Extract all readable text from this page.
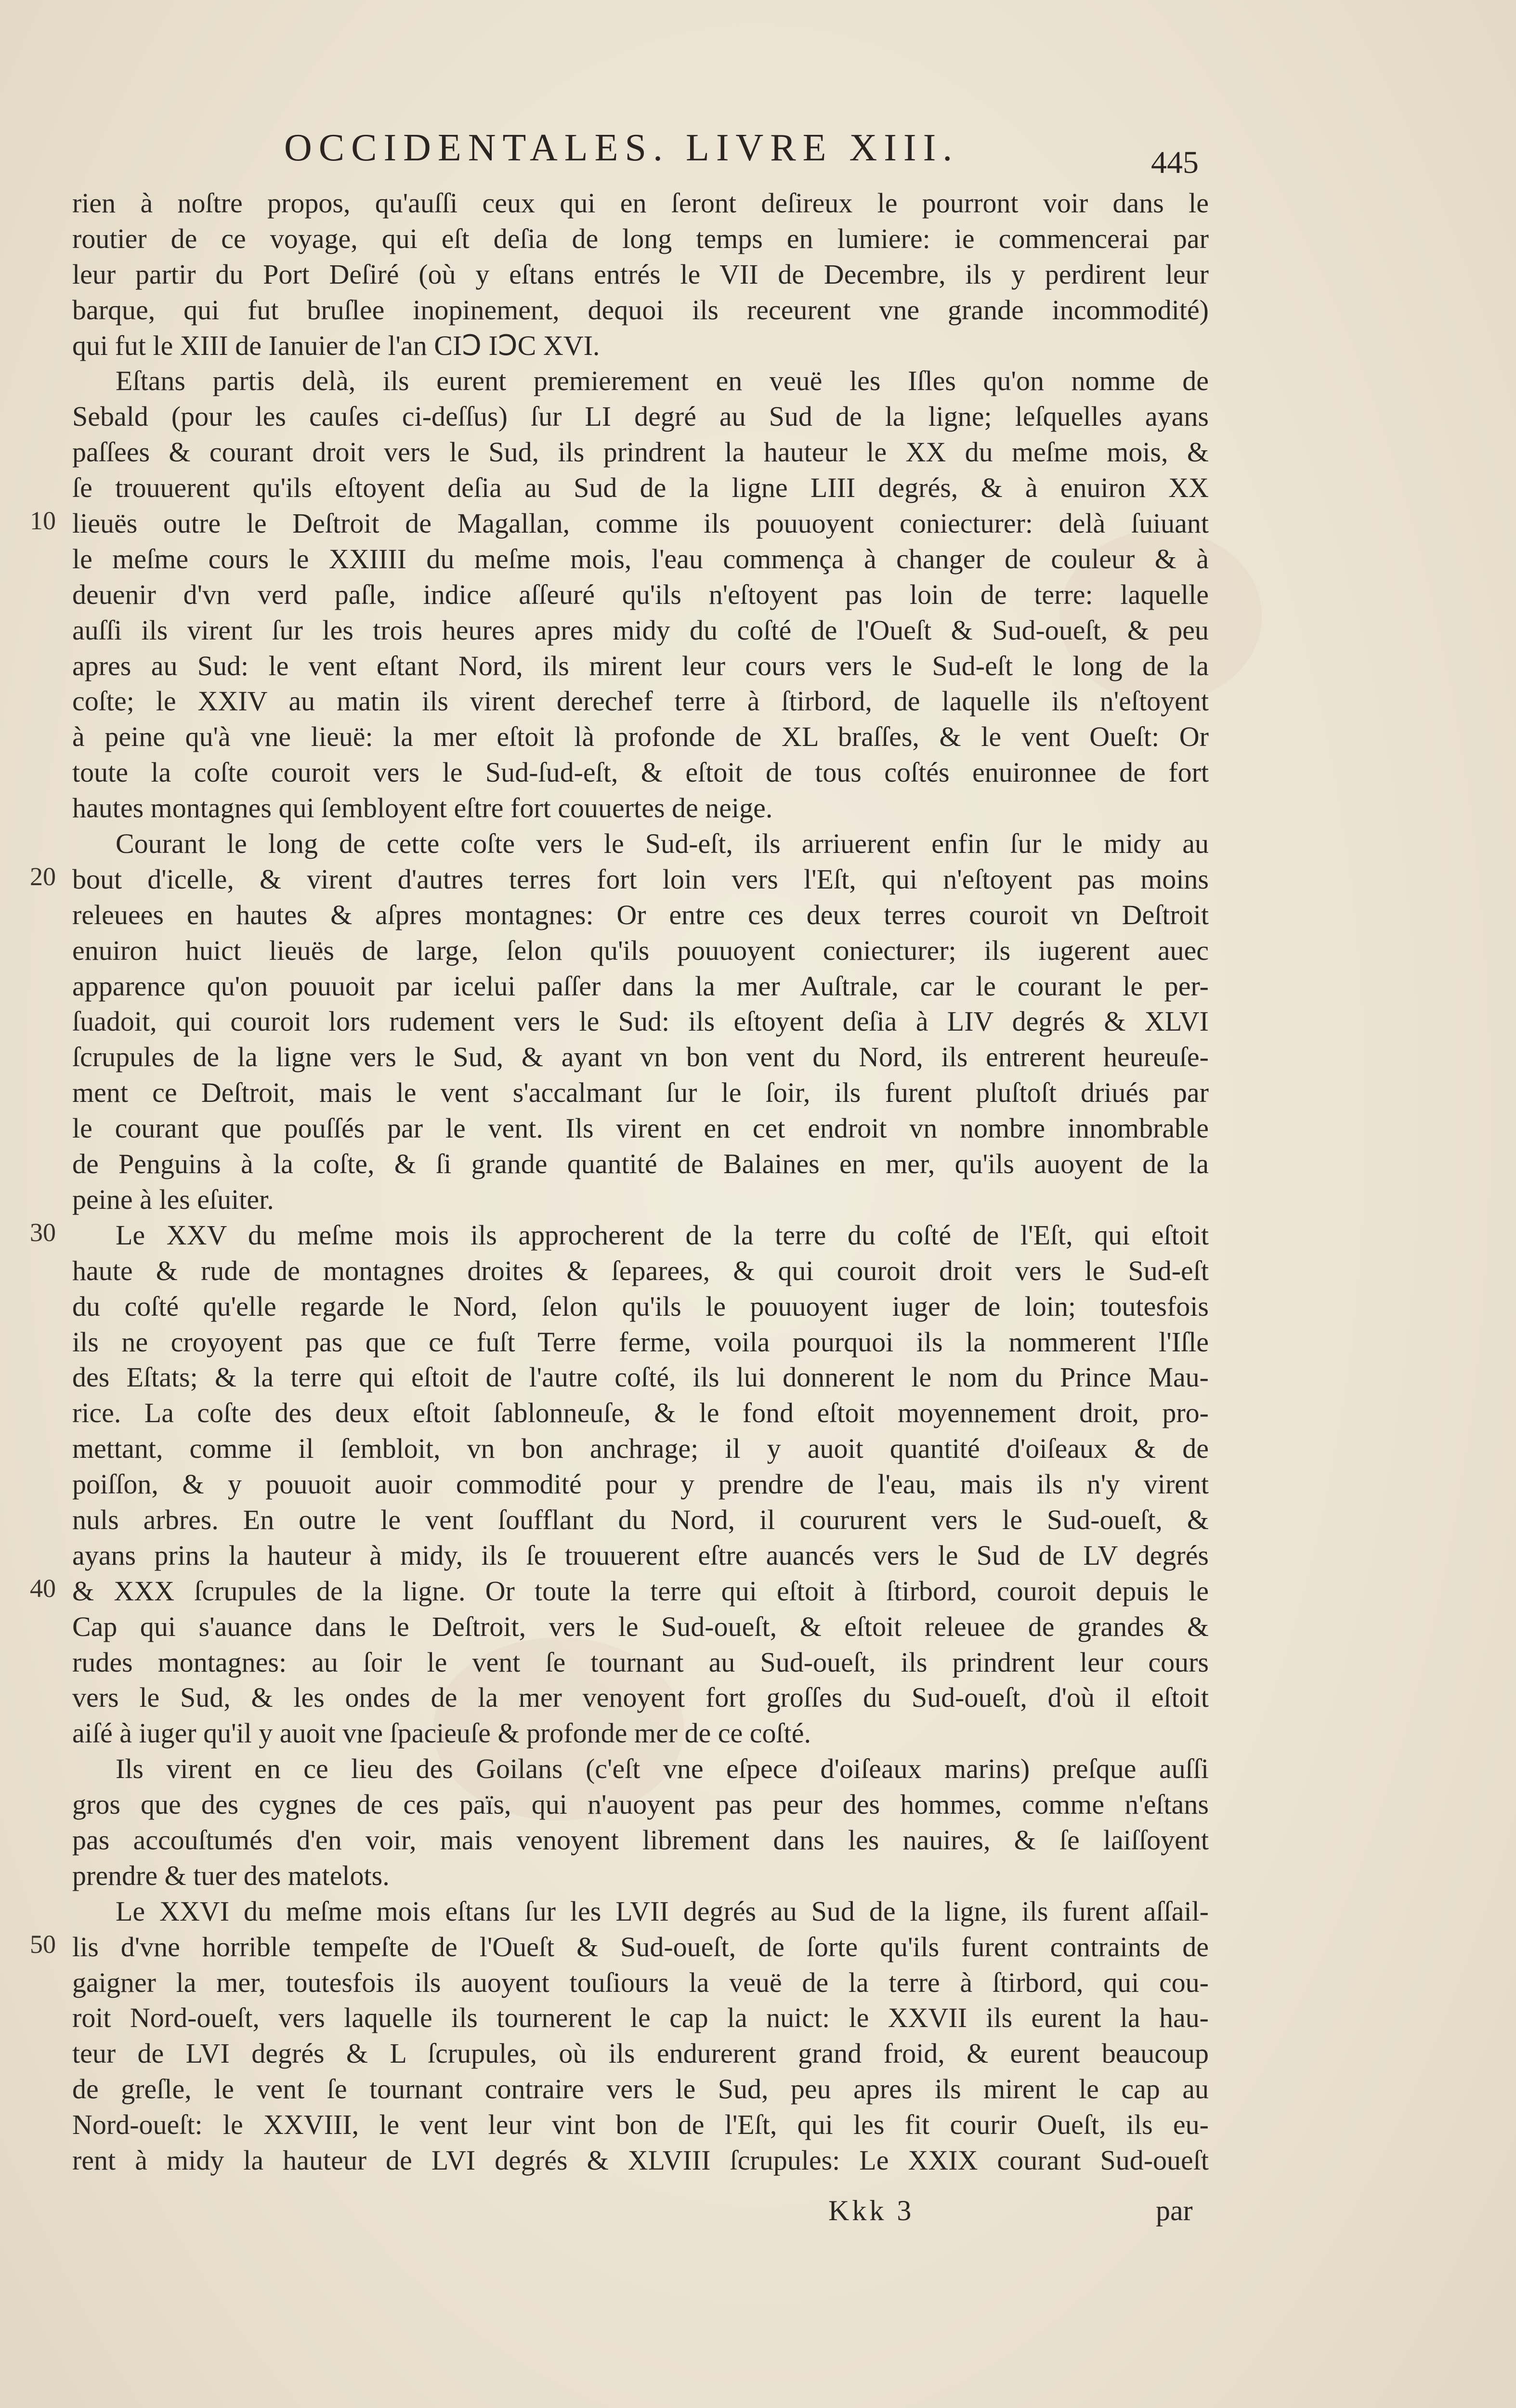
OCCIDENTALES. LIVRE XIII.	445
rien à noſtre propos, qu'auſſi ceux qui en ſeront deſireux le pourront voir dans le
routier de ce voyage, qui eſt deſia de long temps en lumiere: ie commencerai par
leur partir du Port Deſiré (où y eſtans entrés le VII de Decembre, ils y perdirent leur
barque, qui fut bruſlee inopinement, dequoi ils receurent vne grande incommodité)
qui fut le XIII de Ianuier de l'an CIↃ IↃC XVI.
Eſtans partis delà, ils eurent premierement en veuë les Iſles qu'on nomme de
Sebald (pour les cauſes ci-deſſus) ſur LI degré au Sud de la ligne; leſquelles ayans
paſſees & courant droit vers le Sud, ils prindrent la hauteur le XX du meſme mois, &
ſe trouuerent qu'ils eſtoyent deſia au Sud de la ligne LIII degrés, & à enuiron XX
lieuës outre le Deſtroit de Magallan, comme ils pouuoyent coniecturer: delà ſuiuant
le meſme cours le XXIIII du meſme mois, l'eau commença à changer de couleur & à
deuenir d'vn verd paſle, indice aſſeuré qu'ils n'eſtoyent pas loin de terre: laquelle
auſſi ils virent ſur les trois heures apres midy du coſté de l'Oueſt & Sud-oueſt, & peu
apres au Sud: le vent eſtant Nord, ils mirent leur cours vers le Sud-eſt le long de la
coſte; le XXIV au matin ils virent derechef terre à ſtirbord, de laquelle ils n'eſtoyent
à peine qu'à vne lieuë: la mer eſtoit là profonde de XL braſſes, & le vent Oueſt: Or
toute la coſte couroit vers le Sud-ſud-eſt, & eſtoit de tous coſtés enuironnee de fort
hautes montagnes qui ſembloyent eſtre fort couuertes de neige.
Courant le long de cette coſte vers le Sud-eſt, ils arriuerent enfin ſur le midy au
bout d'icelle, & virent d'autres terres fort loin vers l'Eſt, qui n'eſtoyent pas moins
releuees en hautes & aſpres montagnes: Or entre ces deux terres couroit vn Deſtroit
enuiron huict lieuës de large, ſelon qu'ils pouuoyent coniecturer; ils iugerent auec
apparence qu'on pouuoit par icelui paſſer dans la mer Auſtrale, car le courant le per-
ſuadoit, qui couroit lors rudement vers le Sud: ils eſtoyent deſia à LIV degrés & XLVI
ſcrupules de la ligne vers le Sud, & ayant vn bon vent du Nord, ils entrerent heureuſe-
ment ce Deſtroit, mais le vent s'accalmant ſur le ſoir, ils furent pluſtoſt driués par
le courant que pouſſés par le vent. Ils virent en cet endroit vn nombre innombrable
de Penguins à la coſte, & ſi grande quantité de Balaines en mer, qu'ils auoyent de la
peine à les eſuiter.
Le XXV du meſme mois ils approcherent de la terre du coſté de l'Eſt, qui eſtoit
haute & rude de montagnes droites & ſeparees, & qui couroit droit vers le Sud-eſt
du coſté qu'elle regarde le Nord, ſelon qu'ils le pouuoyent iuger de loin; toutesfois
ils ne croyoyent pas que ce fuſt Terre ferme, voila pourquoi ils la nommerent l'Iſle
des Eſtats; & la terre qui eſtoit de l'autre coſté, ils lui donnerent le nom du Prince Mau-
rice. La coſte des deux eſtoit ſablonneuſe, & le fond eſtoit moyennement droit, pro-
mettant, comme il ſembloit, vn bon anchrage; il y auoit quantité d'oiſeaux & de
poiſſon, & y pouuoit auoir commodité pour y prendre de l'eau, mais ils n'y virent
nuls arbres. En outre le vent ſoufflant du Nord, il coururent vers le Sud-oueſt, &
ayans prins la hauteur à midy, ils ſe trouuerent eſtre auancés vers le Sud de LV degrés
& XXX ſcrupules de la ligne. Or toute la terre qui eſtoit à ſtirbord, couroit depuis le
Cap qui s'auance dans le Deſtroit, vers le Sud-oueſt, & eſtoit releuee de grandes &
rudes montagnes: au ſoir le vent ſe tournant au Sud-oueſt, ils prindrent leur cours
vers le Sud, & les ondes de la mer venoyent fort groſſes du Sud-oueſt, d'où il eſtoit
aiſé à iuger qu'il y auoit vne ſpacieuſe & profonde mer de ce coſté.
Ils virent en ce lieu des Goilans (c'eſt vne eſpece d'oiſeaux marins) preſque auſſi
gros que des cygnes de ces païs, qui n'auoyent pas peur des hommes, comme n'eſtans
pas accouſtumés d'en voir, mais venoyent librement dans les nauires, & ſe laiſſoyent
prendre & tuer des matelots.
Le XXVI du meſme mois eſtans ſur les LVII degrés au Sud de la ligne, ils furent aſſail-
lis d'vne horrible tempeſte de l'Oueſt & Sud-oueſt, de ſorte qu'ils furent contraints de
gaigner la mer, toutesfois ils auoyent touſiours la veuë de la terre à ſtirbord, qui cou-
roit Nord-oueſt, vers laquelle ils tournerent le cap la nuict: le XXVII ils eurent la hau-
teur de LVI degrés & L ſcrupules, où ils endurerent grand froid, & eurent beaucoup
de greſle, le vent ſe tournant contraire vers le Sud, peu apres ils mirent le cap au
Nord-oueſt: le XXVIII, le vent leur vint bon de l'Eſt, qui les fit courir Oueſt, ils eu-
rent à midy la hauteur de LVI degrés & XLVIII ſcrupules: Le XXIX courant Sud-oueſt
Kkk 3	par
10
20
30
40
50
